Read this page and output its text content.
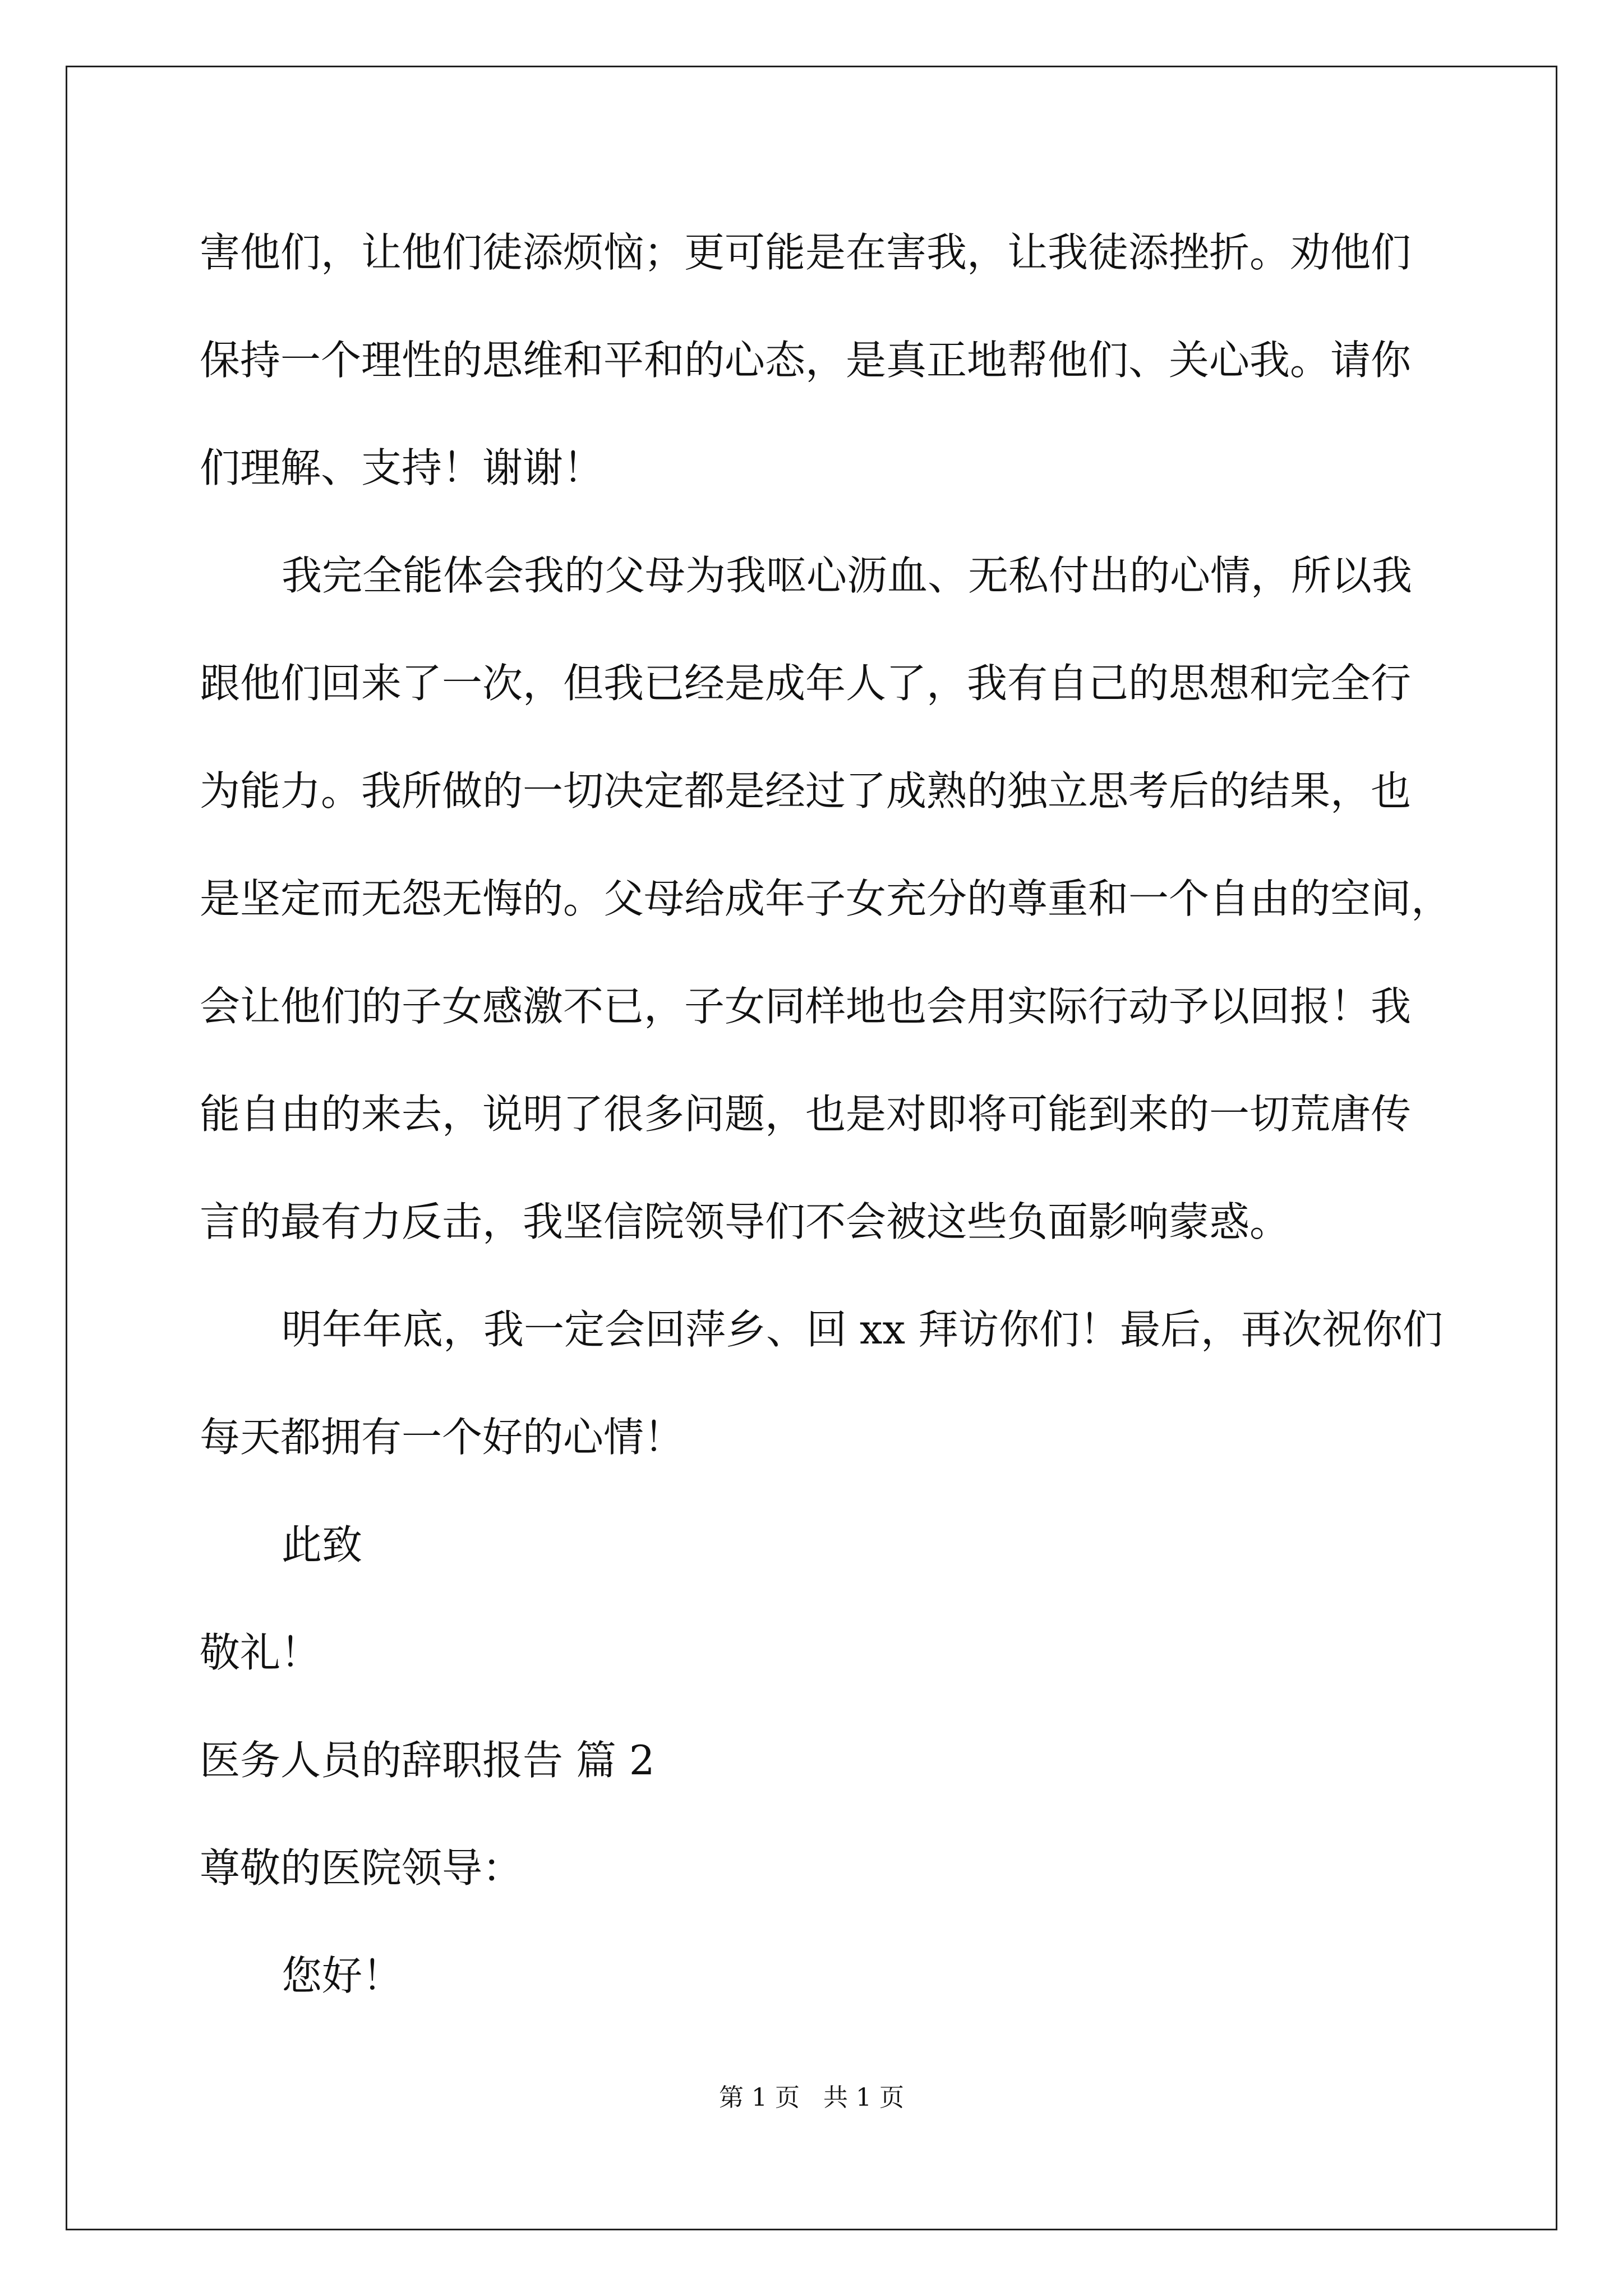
害他们，让他们徒添烦恼；更可能是在害我，让我徒添挫折。劝他们
保持一个理性的思维和平和的心态，是真正地帮他们、关心我。请你
们理解、支持！谢谢！
我完全能体会我的父母为我呕心沥血、无私付出的心情，所以我
跟他们回来了一次，但我已经是成年人了，我有自己的思想和完全行
为能力。我所做的一切决定都是经过了成熟的独立思考后的结果，也
是坚定而无怨无悔的。父母给成年子女充分的尊重和一个自由的空间，
会让他们的子女感激不已，子女同样地也会用实际行动予以回报！我
能自由的来去，说明了很多问题，也是对即将可能到来的一切荒唐传
言的最有力反击，我坚信院领导们不会被这些负面影响蒙惑。
明年年底，我一定会回萍乡、回 xx 拜访你们！最后，再次祝你们
每天都拥有一个好的心情！
此致
敬礼！
医务人员的辞职报告 篇 2
尊敬的医院领导：
您好！
第 1 页   共 1 页
